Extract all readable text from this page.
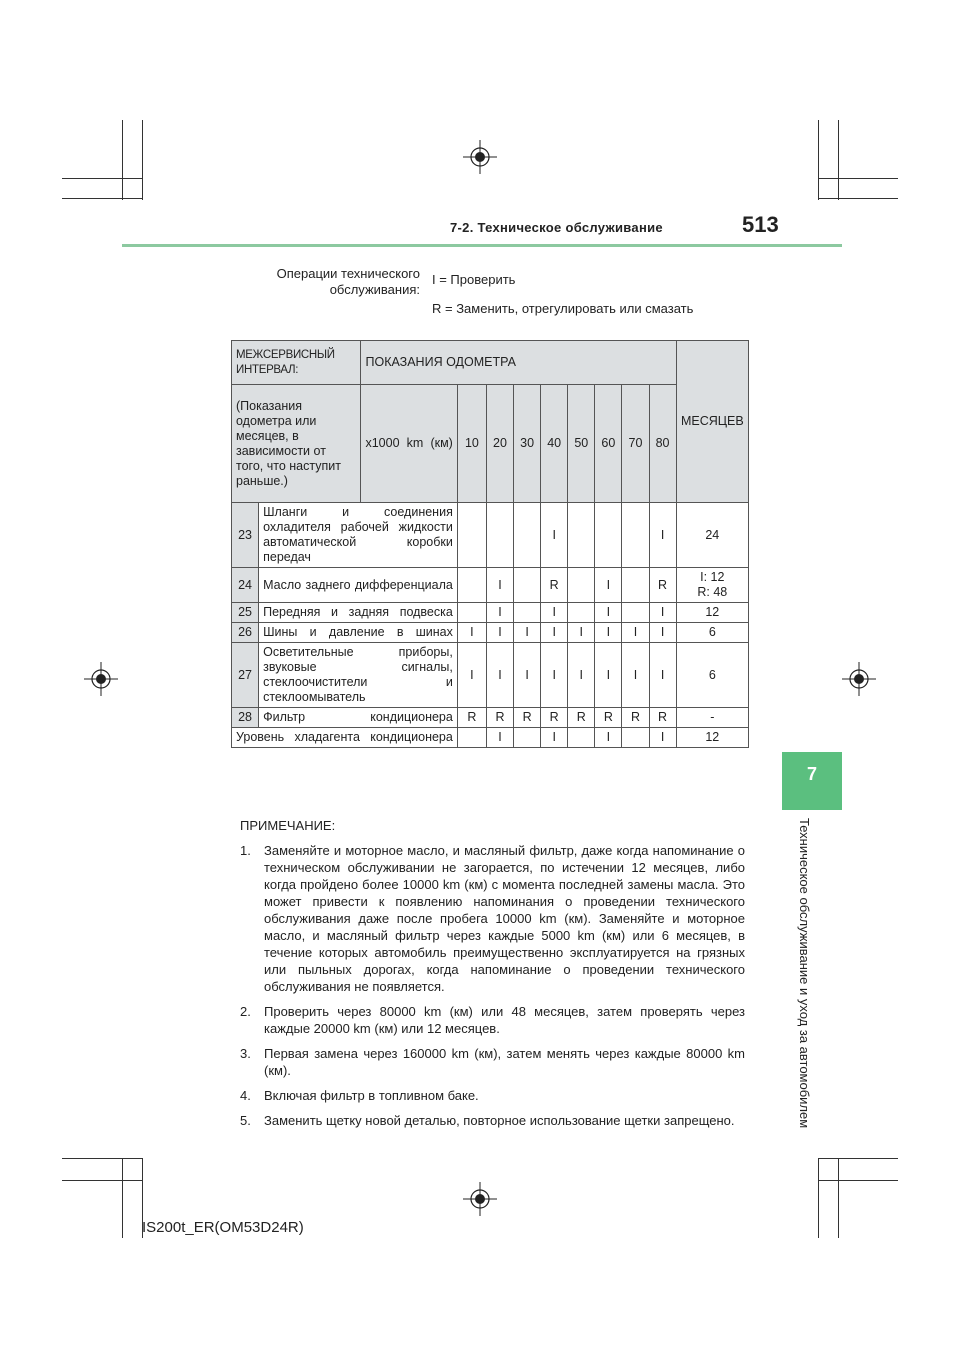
7-2. Техническое обслуживание	513
7
Техническое обслуживание и уход за автомобилем
Операции технического обслуживания:
I = Проверить
R = Заменить, отрегулировать или смазать
МЕЖСЕРВИСНЫЙ ИНТЕРВАЛ:		ПОКАЗАНИЯ ОДОМЕТРА									МЕСЯЦЕВ

(Показания одометра или месяцев, в зависимости от того, что наступит раньше.)		x1000 km (км)	10	20	30	40	50	60	70	80	
23	Шланги и соединения охладителя рабочей жидкости автоматической коробки передач					I				I	24
24	Масло заднего дифференциала			I		R		I		R	I: 12
R: 48
25	Передняя и задняя подвеска			I		I		I		I	12
26	Шины и давление в шинах		I	I	I	I	I	I	I	I	6
27	Осветительные приборы, звуковые сигналы, стеклоочистители и стеклоомыватель		I	I	I	I	I	I	I	I	6
28	Фильтр кондиционера		R	R	R	R	R	R	R	R	-
Уровень хладагента кондиционера				I		I		I		I	12
ПРИМЕЧАНИЕ:
1.	Заменяйте и моторное масло, и масляный фильтр, даже когда напоминание о техническом обслуживании не загорается, по истечении 12 месяцев, либо когда пройдено более 10000 km (км) с момента последней замены масла. Это может привести к появлению напоминания о проведении технического обслуживания даже после пробега 10000 km (км). Заменяйте и моторное масло, и масляный фильтр через каждые 5000 km (км) или 6 месяцев, в течение которых автомобиль преимущественно эксплуатируется на грязных или пыльных дорогах, когда напоминание о проведении технического обслуживания не появляется.
2.	Проверить через 80000 km (км) или 48 месяцев, затем проверять через каждые 20000 km (км) или 12 месяцев.
3.	Первая замена через 160000 km (км), затем менять через каждые 80000 km (км).
4.	Включая фильтр в топливном баке.
5.	Заменить щетку новой деталью, повторное использование щетки запрещено.
IS200t_ER(OM53D24R)
